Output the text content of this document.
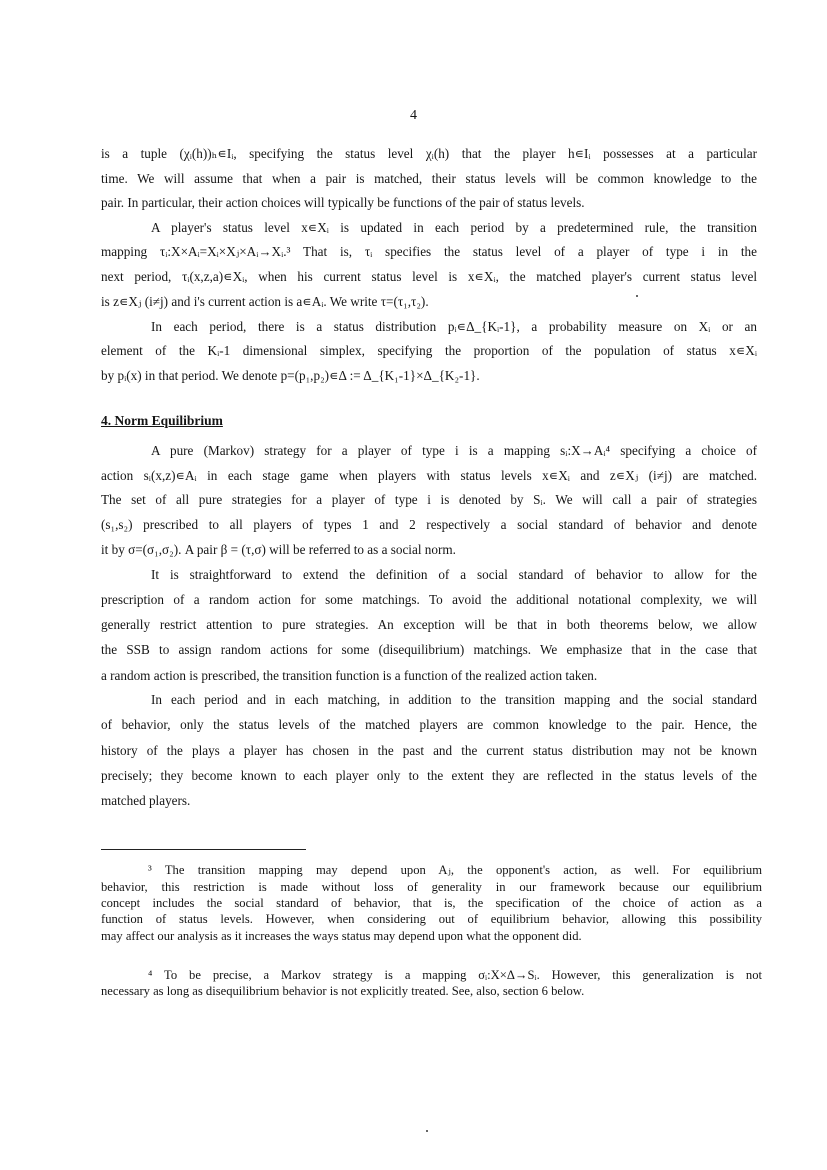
4
is a tuple (χᵢ(h))ₕ∊Iᵢ, specifying the status level χᵢ(h) that the player h∊Iᵢ possesses at a particular
time. We will assume that when a pair is matched, their status levels will be common knowledge to the
pair. In particular, their action choices will typically be functions of the pair of status levels.
A player's status level x∊Xᵢ is updated in each period by a predetermined rule, the transition
mapping τᵢ:X×Aᵢ=Xᵢ×Xⱼ×Aᵢ→Xᵢ.³ That is, τᵢ specifies the status level of a player of type i in the
next period, τᵢ(x,z,a)∊Xᵢ, when his current status level is x∊Xᵢ, the matched player's current status level
is z∊Xⱼ (i≠j) and i's current action is a∊Aᵢ. We write τ=(τ₁,τ₂).
In each period, there is a status distribution pᵢ∊Δ_{Kᵢ-1}, a probability measure on Xᵢ or an
element of the Kᵢ-1 dimensional simplex, specifying the proportion of the population of status x∊Xᵢ
by pᵢ(x) in that period. We denote p=(p₁,p₂)∊Δ := Δ_{K₁-1}×Δ_{K₂-1}.
4. Norm Equilibrium
A pure (Markov) strategy for a player of type i is a mapping sᵢ:X→Aᵢ⁴ specifying a choice of
action sᵢ(x,z)∊Aᵢ in each stage game when players with status levels x∊Xᵢ and z∊Xⱼ (i≠j) are matched.
The set of all pure strategies for a player of type i is denoted by Sᵢ. We will call a pair of strategies
(s₁,s₂) prescribed to all players of types 1 and 2 respectively a social standard of behavior and denote
it by σ=(σ₁,σ₂). A pair β = (τ,σ) will be referred to as a social norm.
It is straightforward to extend the definition of a social standard of behavior to allow for the
prescription of a random action for some matchings. To avoid the additional notational complexity, we will
generally restrict attention to pure strategies. An exception will be that in both theorems below, we allow
the SSB to assign random actions for some (disequilibrium) matchings. We emphasize that in the case that
a random action is prescribed, the transition function is a function of the realized action taken.
In each period and in each matching, in addition to the transition mapping and the social standard
of behavior, only the status levels of the matched players are common knowledge to the pair. Hence, the
history of the plays a player has chosen in the past and the current status distribution may not be known
precisely; they become known to each player only to the extent they are reflected in the status levels of the
matched players.
³ The transition mapping may depend upon Aⱼ, the opponent's action, as well. For equilibrium
behavior, this restriction is made without loss of generality in our framework because our equilibrium
concept includes the social standard of behavior, that is, the specification of the choice of action as a
function of status levels. However, when considering out of equilibrium behavior, allowing this possibility
may affect our analysis as it increases the ways status may depend upon what the opponent did.
⁴ To be precise, a Markov strategy is a mapping σᵢ:X×Δ→Sᵢ. However, this generalization is not
necessary as long as disequilibrium behavior is not explicitly treated. See, also, section 6 below.
